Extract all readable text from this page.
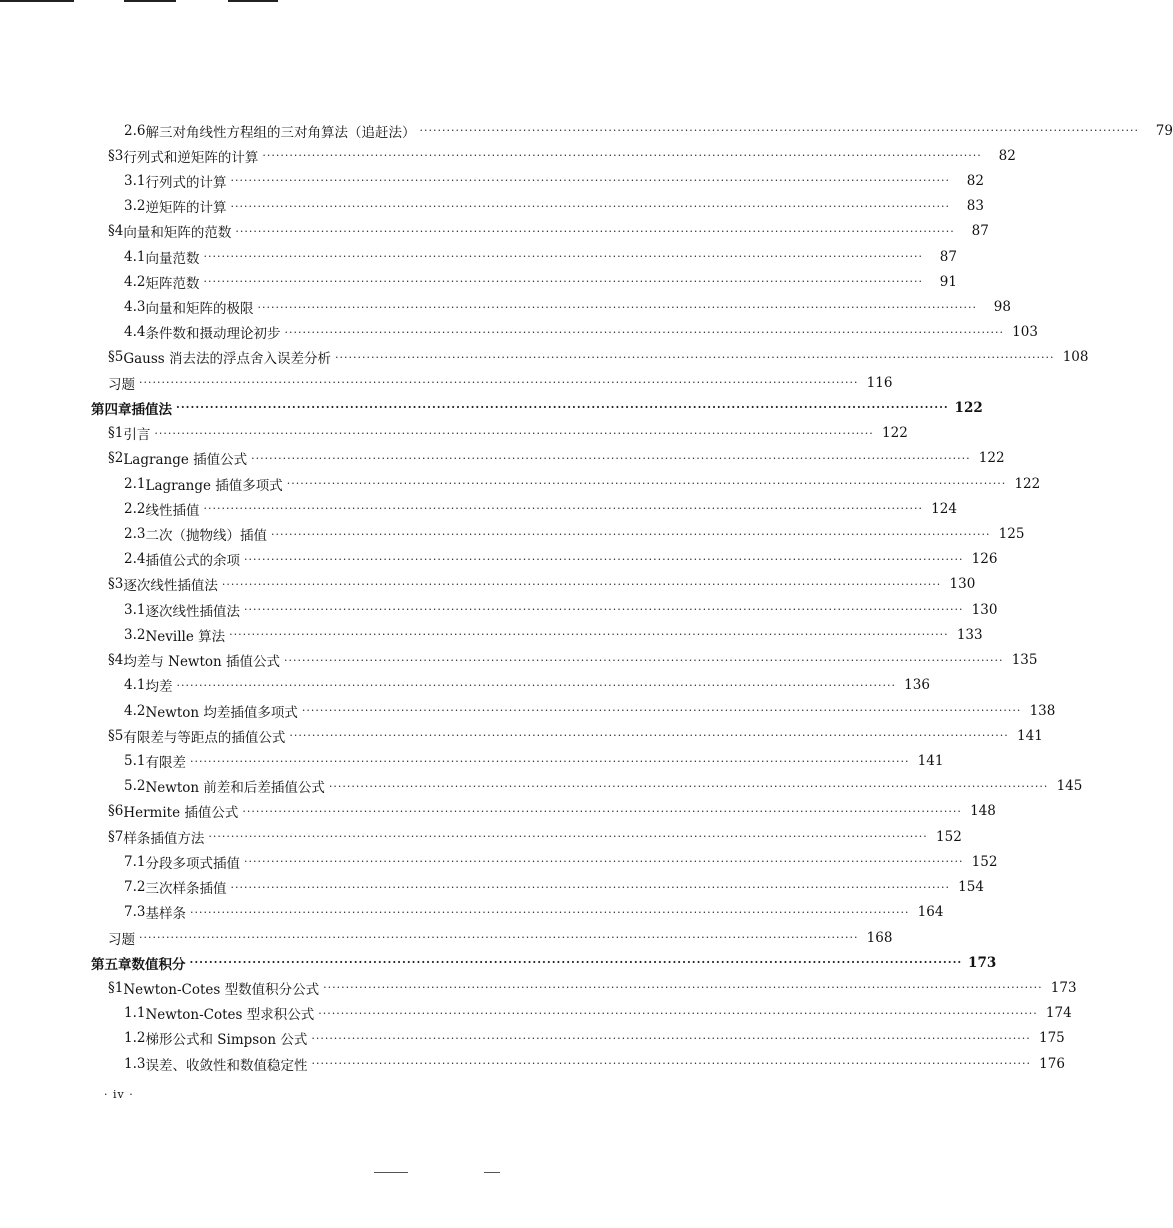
2.6 解三对角线性方程组的三对角算法（追赶法） ································································································································································	79
§3 行列式和逆矩阵的计算 ································································································································································	82
3.1 行列式的计算 ································································································································································	82
3.2 逆矩阵的计算 ································································································································································	83
§4 向量和矩阵的范数 ································································································································································	87
4.1 向量范数 ································································································································································	87
4.2 矩阵范数 ································································································································································	91
4.3 向量和矩阵的极限 ································································································································································	98
4.4 条件数和摄动理论初步 ································································································································································ 103
§5 Gauss 消去法的浮点舍入误差分析 ································································································································································ 108
习题 ································································································································································ 116
第四章 插值法 ································································································································································ 122
§1 引言 ································································································································································ 122
§2 Lagrange 插值公式 ································································································································································ 122
2.1 Lagrange 插值多项式 ································································································································································ 122
2.2 线性插值 ································································································································································ 124
2.3 二次（抛物线）插值 ································································································································································ 125
2.4 插值公式的余项 ································································································································································ 126
§3 逐次线性插值法 ································································································································································ 130
3.1 逐次线性插值法 ································································································································································ 130
3.2 Neville 算法 ································································································································································ 133
§4 均差与 Newton 插值公式 ································································································································································ 135
4.1 均差 ································································································································································ 136
4.2 Newton 均差插值多项式 ································································································································································ 138
§5 有限差与等距点的插值公式 ································································································································································ 141
5.1 有限差 ································································································································································ 141
5.2 Newton 前差和后差插值公式 ································································································································································ 145
§6 Hermite 插值公式 ································································································································································ 148
§7 样条插值方法 ································································································································································ 152
7.1 分段多项式插值 ································································································································································ 152
7.2 三次样条插值 ································································································································································ 154
7.3 基样条 ································································································································································ 164
习题 ································································································································································ 168
第五章 数值积分 ································································································································································ 173
§1 Newton-Cotes 型数值积分公式 ································································································································································ 173
1.1 Newton-Cotes 型求积公式 ································································································································································ 174
1.2 梯形公式和 Simpson 公式 ································································································································································ 175
1.3 误差、收敛性和数值稳定性 ································································································································································ 176
· iv ·
